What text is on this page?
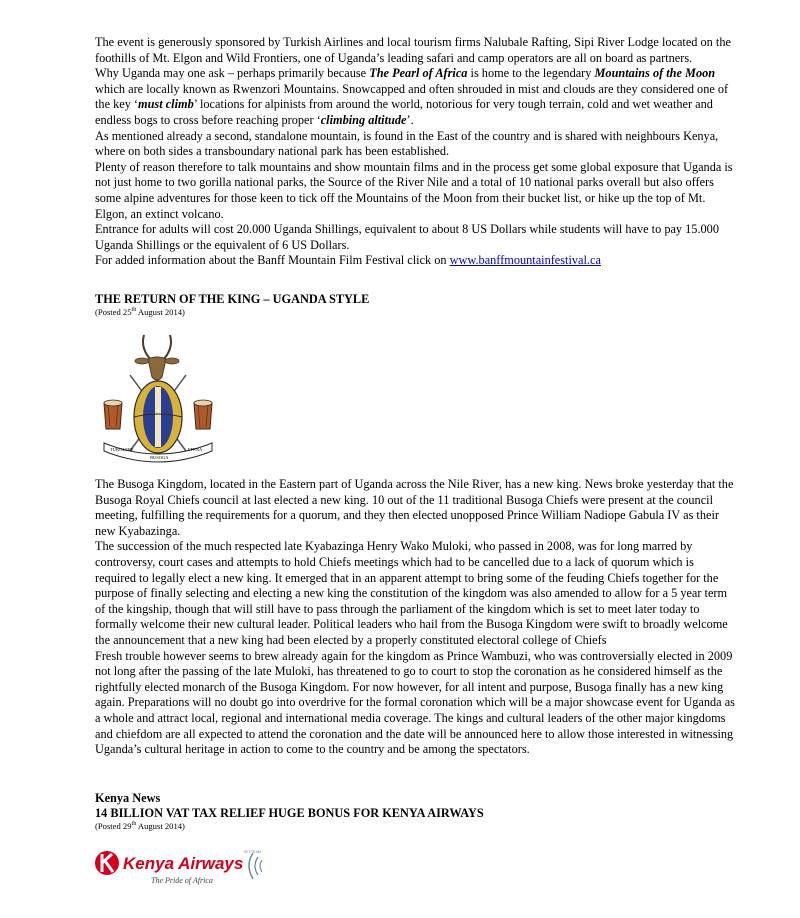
The event is generously sponsored by Turkish Airlines and local tourism firms Nalubale Rafting, Sipi River Lodge located on the foothills of Mt. Elgon and Wild Frontiers, one of Uganda’s leading safari and camp operators are all on board as partners.

Why Uganda may one ask – perhaps primarily because The Pearl of Africa is home to the legendary Mountains of the Moon which are locally known as Rwenzori Mountains. Snowcapped and often shrouded in mist and clouds are they considered one of the key ‘must climb’ locations for alpinists from around the world, notorious for very tough terrain, cold and wet weather and endless bogs to cross before reaching proper ‘climbing altitude’.

As mentioned already a second, standalone mountain, is found in the East of the country and is shared with neighbours Kenya, where on both sides a transboundary national park has been established.

Plenty of reason therefore to talk mountains and show mountain films and in the process get some global exposure that Uganda is not just home to two gorilla national parks, the Source of the River Nile and a total of 10 national parks overall but also offers some alpine adventures for those keen to tick off the Mountains of the Moon from their bucket list, or hike up the top of Mt. Elgon, an extinct volcano.

Entrance for adults will cost 20.000 Uganda Shillings, equivalent to about 8 US Dollars while students will have to pay 15.000 Uganda Shillings or the equivalent of 6 US Dollars.

For added information about the Banff Mountain Film Festival click on www.banffmountainfestival.ca

THE RETURN OF THE KING – UGANDA STYLE
(Posted 25th August 2014)
TUKOLERE
BUSOGA
FFENA

The Busoga Kingdom, located in the Eastern part of Uganda across the Nile River, has a new king. News broke yesterday that the Busoga Royal Chiefs council at last elected a new king. 10 out of the 11 traditional Busoga Chiefs were present at the council meeting, fulfilling the requirements for a quorum, and they then elected unopposed Prince William Nadiope Gabula IV as their new Kyabazinga.

The succession of the much respected late Kyabazinga Henry Wako Muloki, who passed in 2008, was for long marred by controversy, court cases and attempts to hold Chiefs meetings which had to be cancelled due to a lack of quorum which is required to legally elect a new king. It emerged that in an apparent attempt to bring some of the feuding Chiefs together for the purpose of finally selecting and electing a new king the constitution of the kingdom was also amended to allow for a 5 year term of the kingship, though that will still have to pass through the parliament of the kingdom which is set to meet later today to formally welcome their new cultural leader. Political leaders who hail from the Busoga Kingdom were swift to broadly welcome the announcement that a new king had been elected by a properly constituted electoral college of Chiefs

Fresh trouble however seems to brew already again for the kingdom as Prince Wambuzi, who was controversially elected in 2009 not long after the passing of the late Muloki, has threatened to go to court to stop the coronation as he considered himself as the rightfully elected monarch of the Busoga Kingdom. For now however, for all intent and purpose, Busoga finally has a new king again. Preparations will no doubt go into overdrive for the formal coronation which will be a major showcase event for Uganda as a whole and attract local, regional and international media coverage. The kings and cultural leaders of the other major kingdoms and chiefdom are all expected to attend the coronation and the date will be announced here to allow those interested in witnessing Uganda’s cultural heritage in action to come to the country and be among the spectators.

Kenya News
14 BILLION VAT TAX RELIEF HUGE BONUS FOR KENYA AIRWAYS
(Posted 29th August 2014)
Kenya Airways
The Pride of Africa
SKYTEAM
